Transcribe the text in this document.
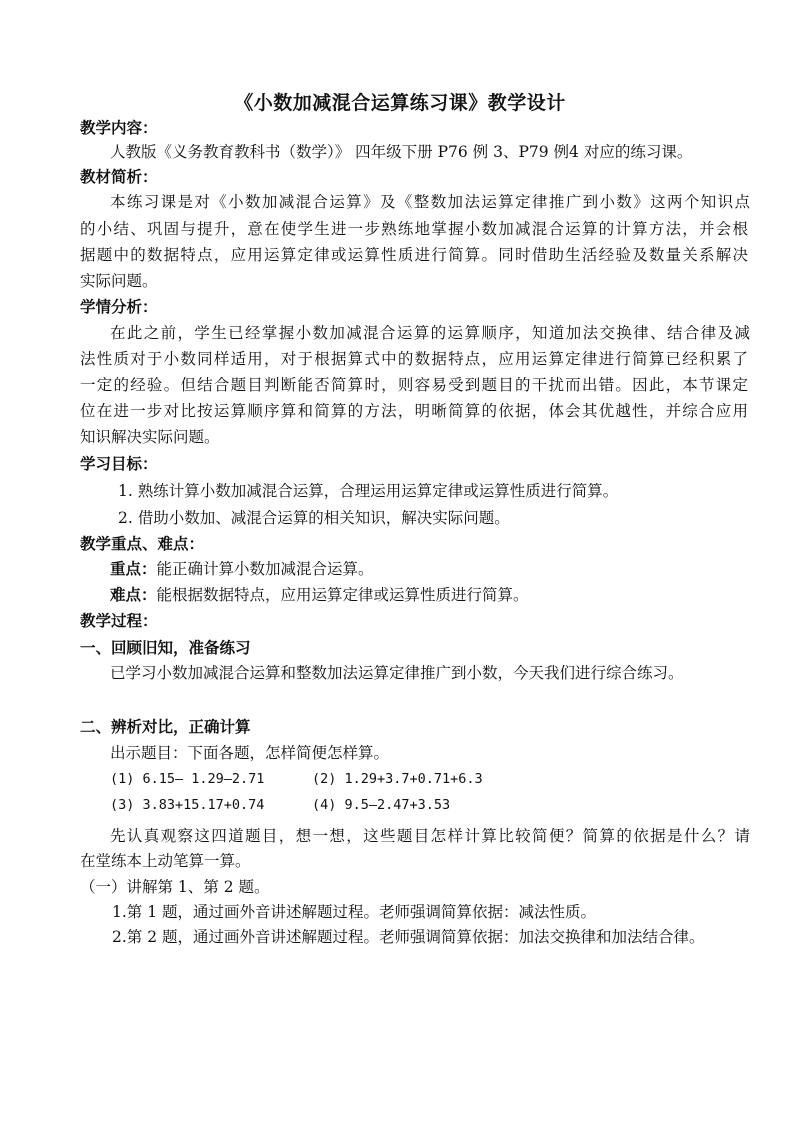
《小数加减混合运算练习课》教学设计
教学内容：
人教版《义务教育教科书（数学）》 四年级下册 P76 例 3、P79 例4 对应的练习课。
教材简析：
本练习课是对《小数加减混合运算》及《整数加法运算定律推广到小数》这两个知识点
的小结、巩固与提升，意在使学生进一步熟练地掌握小数加减混合运算的计算方法，并会根
据题中的数据特点，应用运算定律或运算性质进行简算。同时借助生活经验及数量关系解决
实际问题。
学情分析：
在此之前，学生已经掌握小数加减混合运算的运算顺序，知道加法交换律、结合律及减
法性质对于小数同样适用，对于根据算式中的数据特点，应用运算定律进行简算已经积累了
一定的经验。但结合题目判断能否简算时，则容易受到题目的干扰而出错。因此，本节课定
位在进一步对比按运算顺序算和简算的方法，明晰简算的依据，体会其优越性，并综合应用
知识解决实际问题。
学习目标：
1. 熟练计算小数加减混合运算，合理运用运算定律或运算性质进行简算。
2. 借助小数加、减混合运算的相关知识，解决实际问题。
教学重点、难点：
重点：能正确计算小数加减混合运算。
难点：能根据数据特点，应用运算定律或运算性质进行简算。
教学过程：
一、回顾旧知，准备练习
已学习小数加减混合运算和整数加法运算定律推广到小数，今天我们进行综合练习。
二、辨析对比，正确计算
出示题目：下面各题，怎样简便怎样算。
(1) 6.15— 1.29—2.71	(2) 1.29+3.7+0.71+6.3
(3) 3.83+15.17+0.74	(4) 9.5—2.47+3.53
先认真观察这四道题目，想一想，这些题目怎样计算比较简便？简算的依据是什么？请
在堂练本上动笔算一算。
（一）讲解第 1、第 2 题。
1.第 1 题，通过画外音讲述解题过程。老师强调简算依据：减法性质。
2.第 2 题，通过画外音讲述解题过程。老师强调简算依据：加法交换律和加法结合律。
